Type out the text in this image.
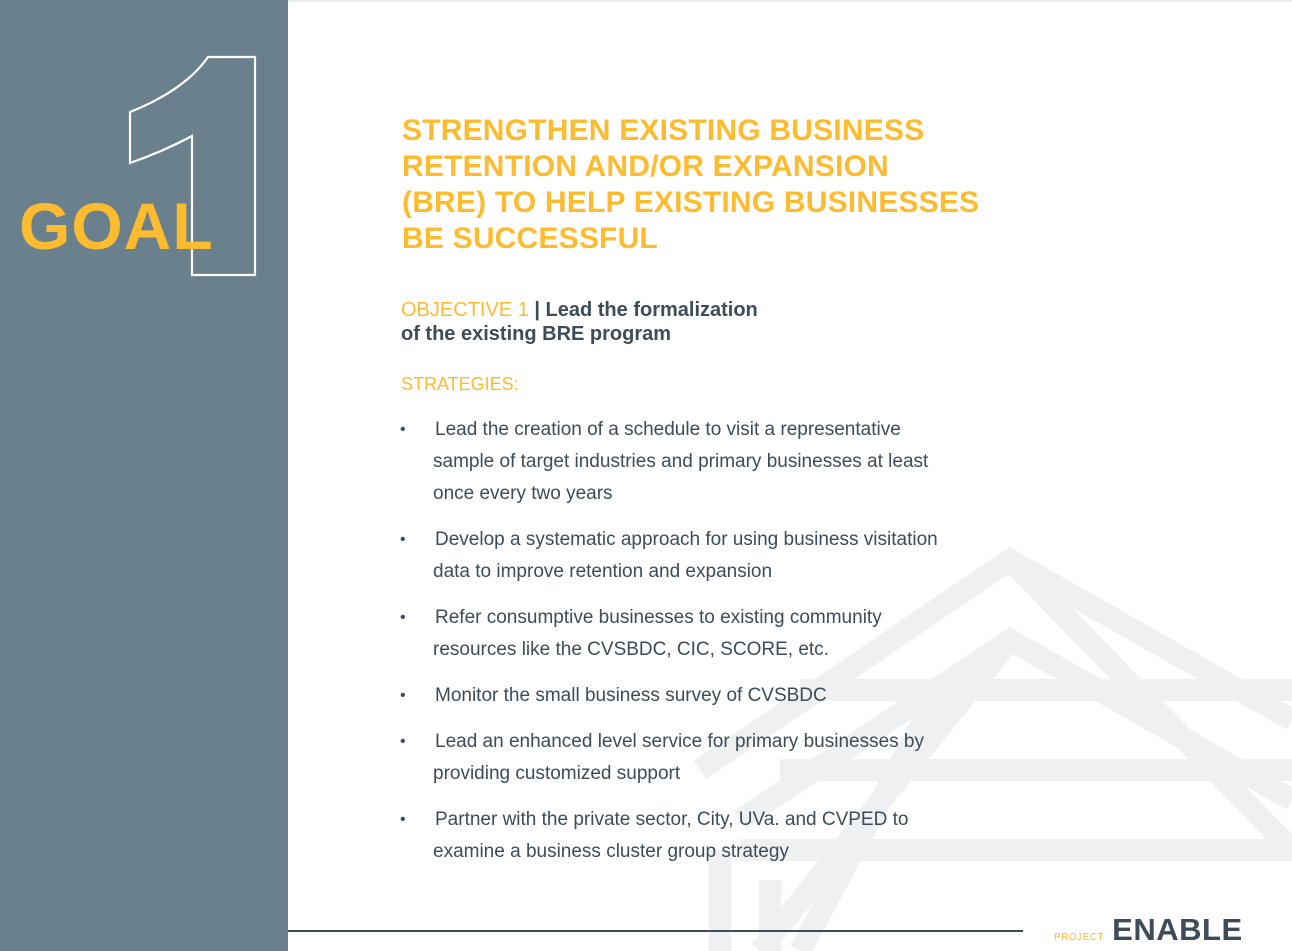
1

GOAL

STRENGTHEN EXISTING BUSINESS
RETENTION AND/OR EXPANSION
(BRE) TO HELP EXISTING BUSINESSES
BE SUCCESSFUL
OBJECTIVE 1 | Lead the formalization
of the existing BRE program

STRATEGIES:

•	Lead the creation of a schedule to visit a representative
sample of target industries and primary businesses at least
once every two years
•	Develop a systematic approach for using business visitation
data to improve retention and expansion
•	Refer consumptive businesses to existing community
resources like the CVSBDC, CIC, SCORE, etc.
•	Monitor the small business survey of CVSBDC
•	Lead an enhanced level service for primary businesses by
providing customized support
•	Partner with the private sector, City, UVa. and CVPED to
examine a business cluster group strategy
PROJECT ENABLE
